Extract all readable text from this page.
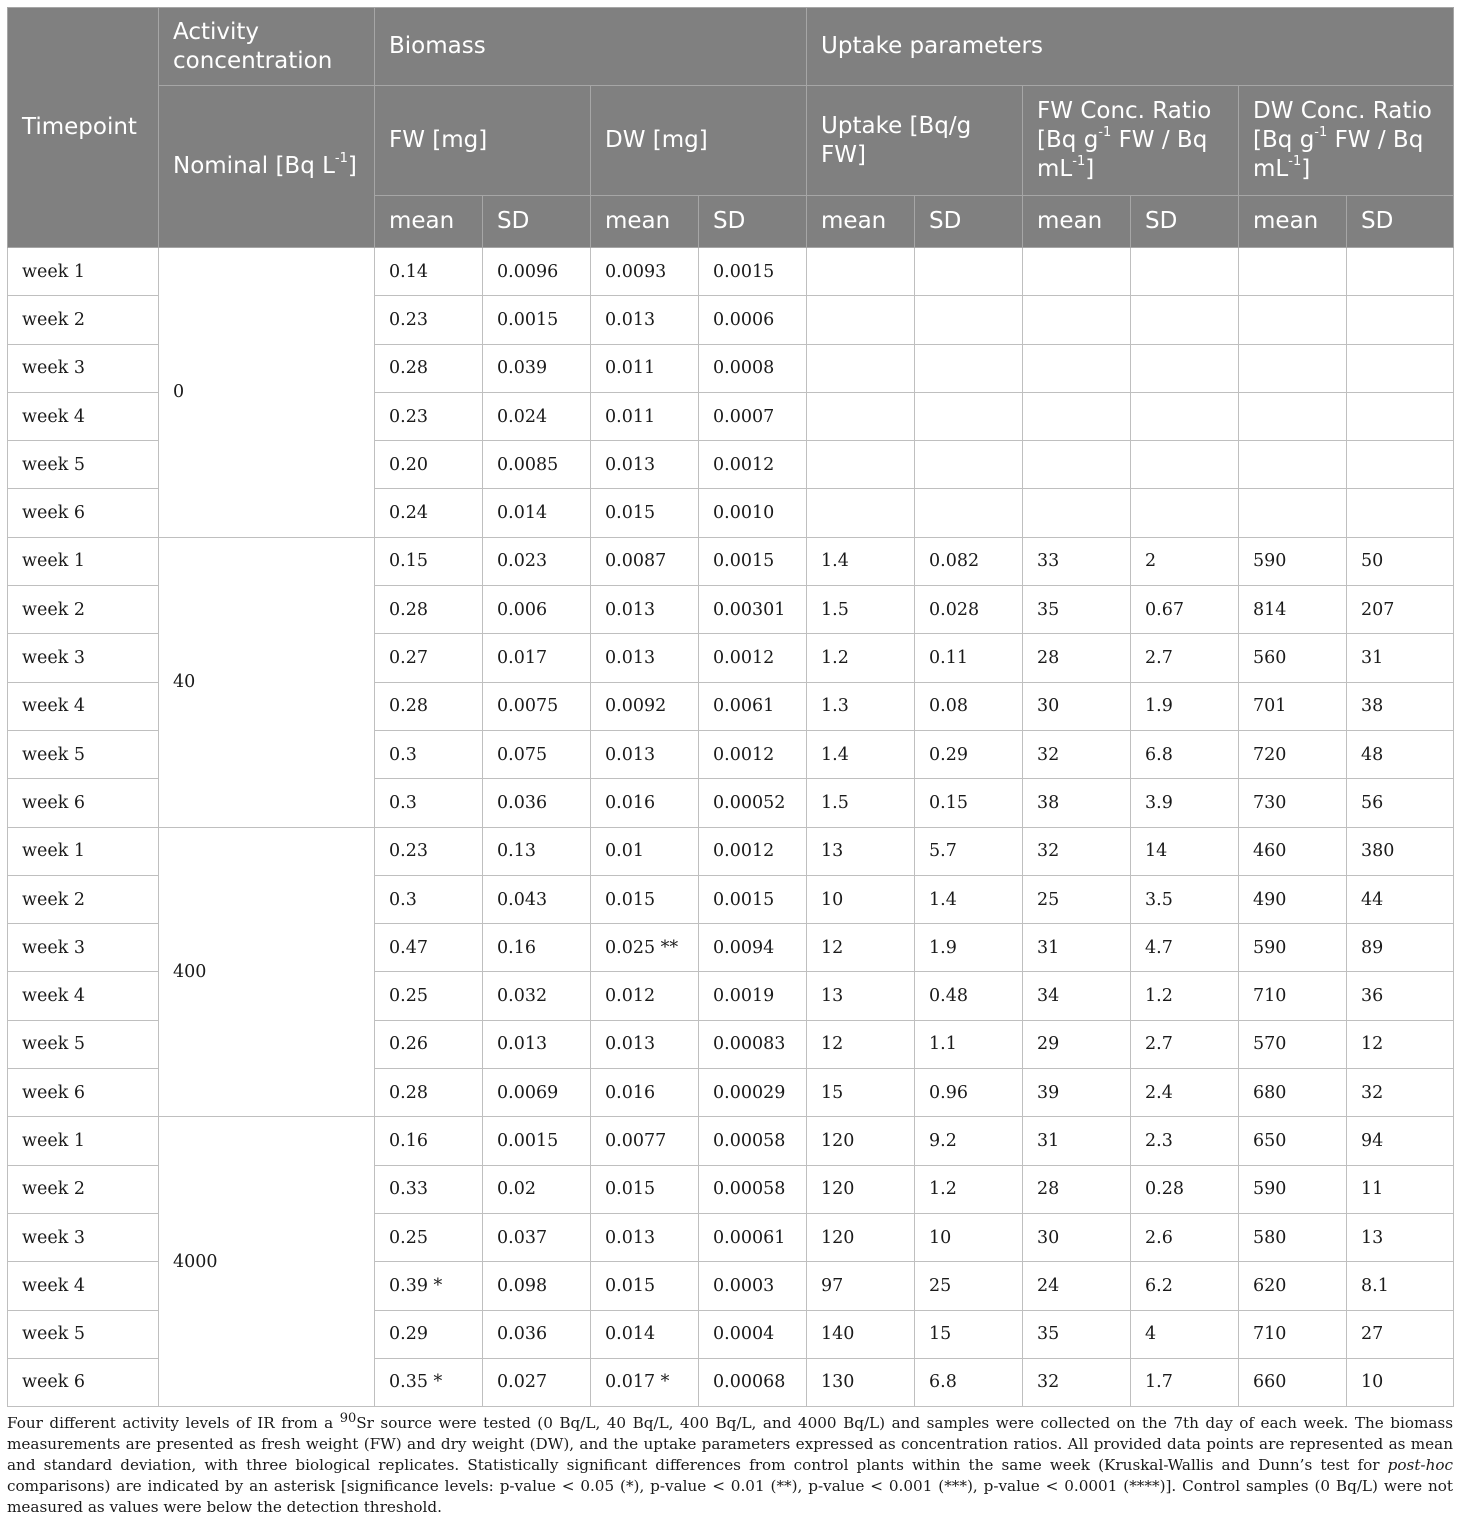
Timepoint	Activity concentration	Biomass				Uptake parameters					
	Nominal [Bq $L^{-1}$]	FW [mg]		DW [mg]		Uptake [Bq/g FW]		FW Conc. Ratio [Bq $g^{-1}$ FW / Bq $mL^{-1}$]		DW Conc. Ratio [Bq $g^{-1}$ FW / Bq $mL^{-1}$]	
		mean	SD	mean	SD	mean	SD	mean	SD	mean	SD
week 1	0	0.14	0.0096	0.0093	0.0015						
week 2		0.23	0.0015	0.013	0.0006						
week 3		0.28	0.039	0.011	0.0008						
week 4		0.23	0.024	0.011	0.0007						
week 5		0.20	0.0085	0.013	0.0012						
week 6		0.24	0.014	0.015	0.0010						
week 1	40	0.15	0.023	0.0087	0.0015	1.4	0.082	33	2	590	50
week 2		0.28	0.006	0.013	0.00301	1.5	0.028	35	0.67	814	207
week 3		0.27	0.017	0.013	0.0012	1.2	0.11	28	2.7	560	31
week 4		0.28	0.0075	0.0092	0.0061	1.3	0.08	30	1.9	701	38
week 5		0.3	0.075	0.013	0.0012	1.4	0.29	32	6.8	720	48
week 6		0.3	0.036	0.016	0.00052	1.5	0.15	38	3.9	730	56
week 1	400	0.23	0.13	0.01	0.0012	13	5.7	32	14	460	380
week 2		0.3	0.043	0.015	0.0015	10	1.4	25	3.5	490	44
week 3		0.47	0.16	0.025 **	0.0094	12	1.9	31	4.7	590	89
week 4		0.25	0.032	0.012	0.0019	13	0.48	34	1.2	710	36
week 5		0.26	0.013	0.013	0.00083	12	1.1	29	2.7	570	12
week 6		0.28	0.0069	0.016	0.00029	15	0.96	39	2.4	680	32
week 1	4000	0.16	0.0015	0.0077	0.00058	120	9.2	31	2.3	650	94
week 2		0.33	0.02	0.015	0.00058	120	1.2	28	0.28	590	11
week 3		0.25	0.037	0.013	0.00061	120	10	30	2.6	580	13
week 4		0.39 *	0.098	0.015	0.0003	97	25	24	6.2	620	8.1
week 5		0.29	0.036	0.014	0.0004	140	15	35	4	710	27
week 6		0.35 *	0.027	0.017 *	0.00068	130	6.8	32	1.7	660	10

Four different activity levels of IR from a 90Sr source were tested (0 Bq/L, 40 Bq/L, 400 Bq/L, and 4000 Bq/L) and samples were collected on the 7th day of each week. The biomass measurements are presented as fresh weight (FW) and dry weight (DW), and the uptake parameters expressed as concentration ratios. All provided data points are represented as mean and standard deviation, with three biological replicates. Statistically significant differences from control plants within the same week (Kruskal-Wallis and Dunn’s test for post-hoc comparisons) are indicated by an asterisk [significance levels: p-value < 0.05 (*), p-value < 0.01 (**), p-value < 0.001 (***), p-value < 0.0001 (****)]. Control samples (0 Bq/L) were not measured as values were below the detection threshold.
